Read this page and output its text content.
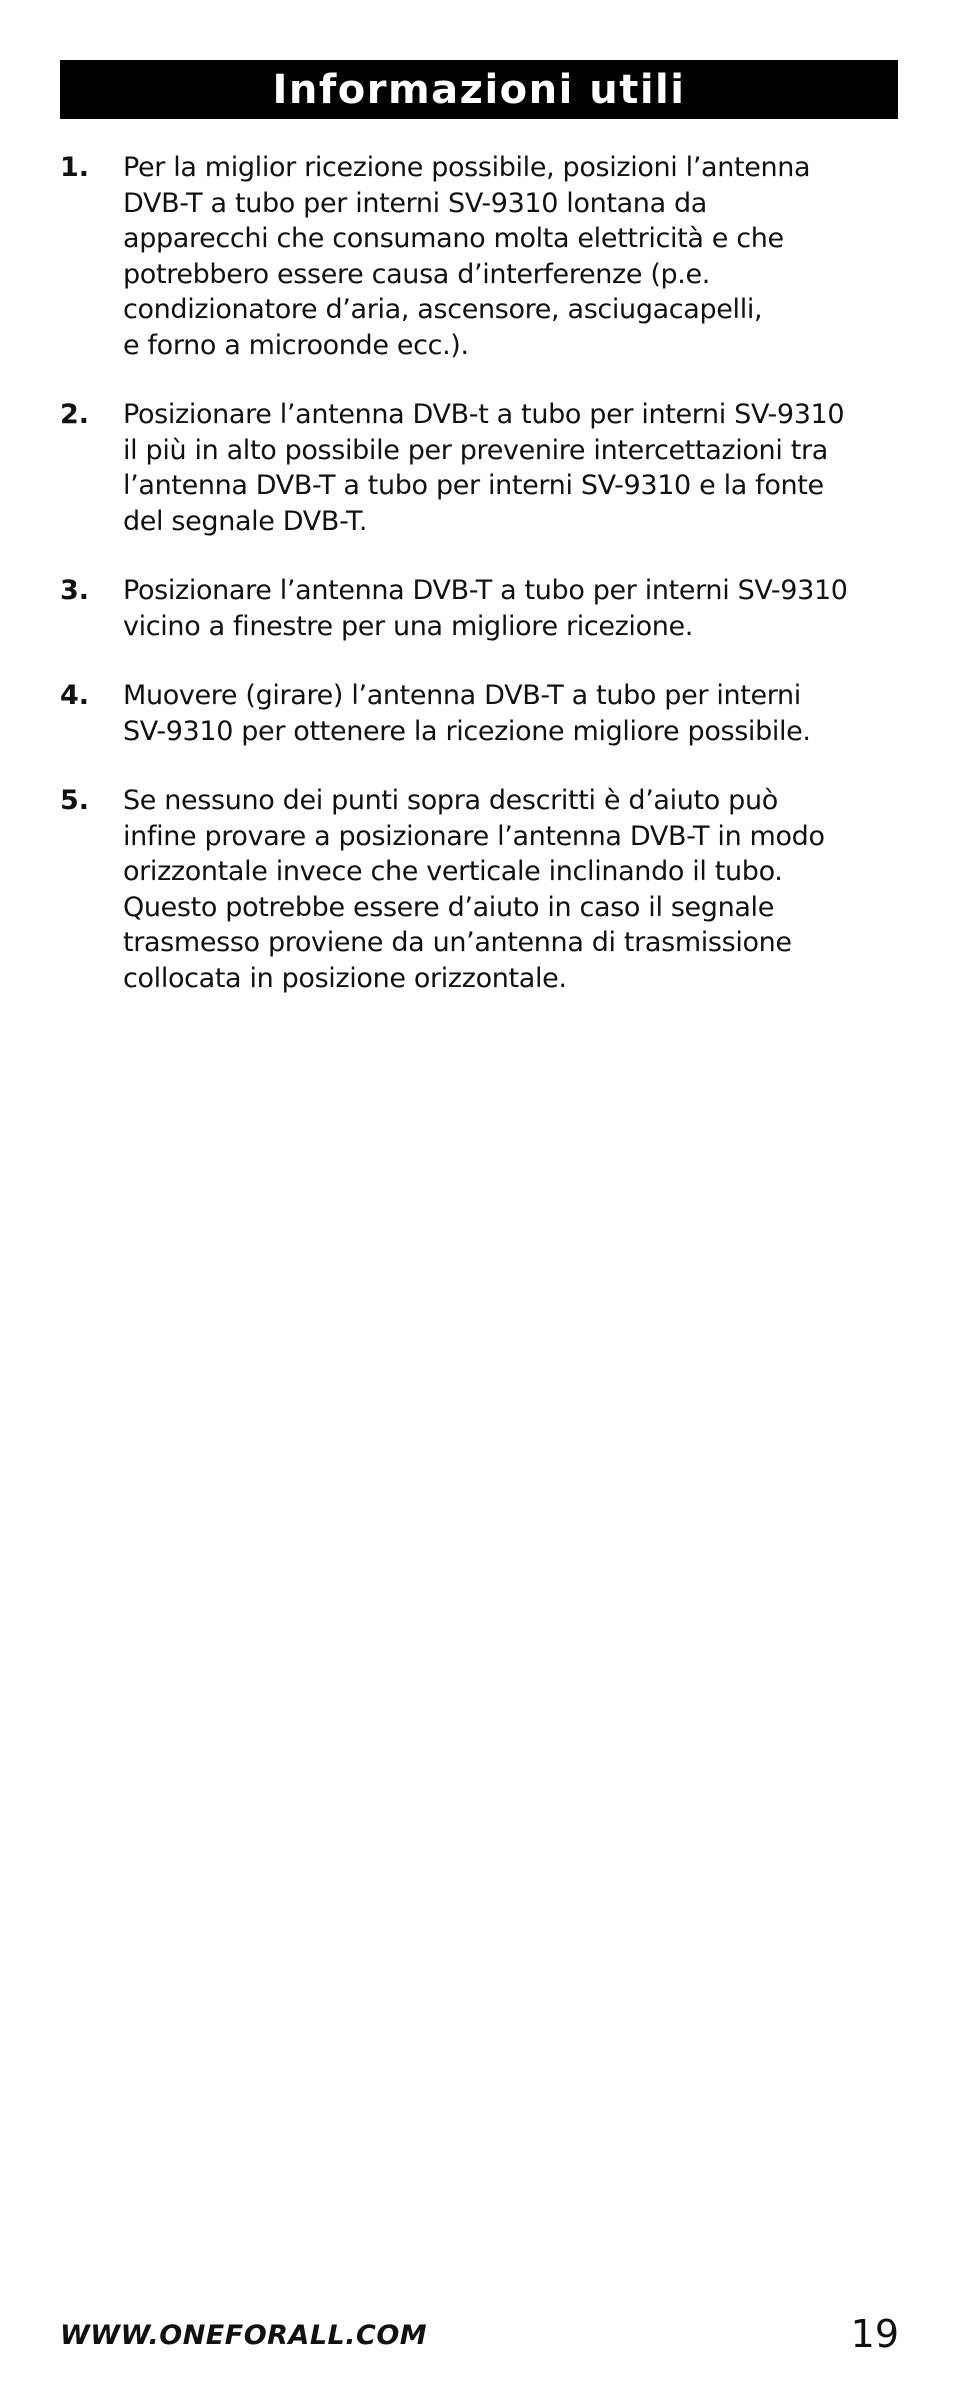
Informazioni utili
1.	Per la miglior ricezione possibile, posizioni l’antenna
DVB-T a tubo per interni SV-9310 lontana da
apparecchi che consumano molta elettricità e che
potrebbero essere causa d’interferenze (p.e.
condizionatore d’aria, ascensore, asciugacapelli,
e forno a microonde ecc.).
2.	Posizionare l’antenna DVB-t a tubo per interni SV-9310
il più in alto possibile per prevenire intercettazioni tra
l’antenna DVB-T a tubo per interni SV-9310 e la fonte
del segnale DVB-T.
3.	Posizionare l’antenna DVB-T a tubo per interni SV-9310
vicino a finestre per una migliore ricezione.
4.	Muovere (girare) l’antenna DVB-T a tubo per interni
SV-9310 per ottenere la ricezione migliore possibile.
5.	Se nessuno dei punti sopra descritti è d’aiuto può
infine provare a posizionare l’antenna DVB-T in modo
orizzontale invece che verticale inclinando il tubo.
Questo potrebbe essere d’aiuto in caso il segnale
trasmesso proviene da un’antenna di trasmissione
collocata in posizione orizzontale.
WWW.ONEFORALL.COM	19
